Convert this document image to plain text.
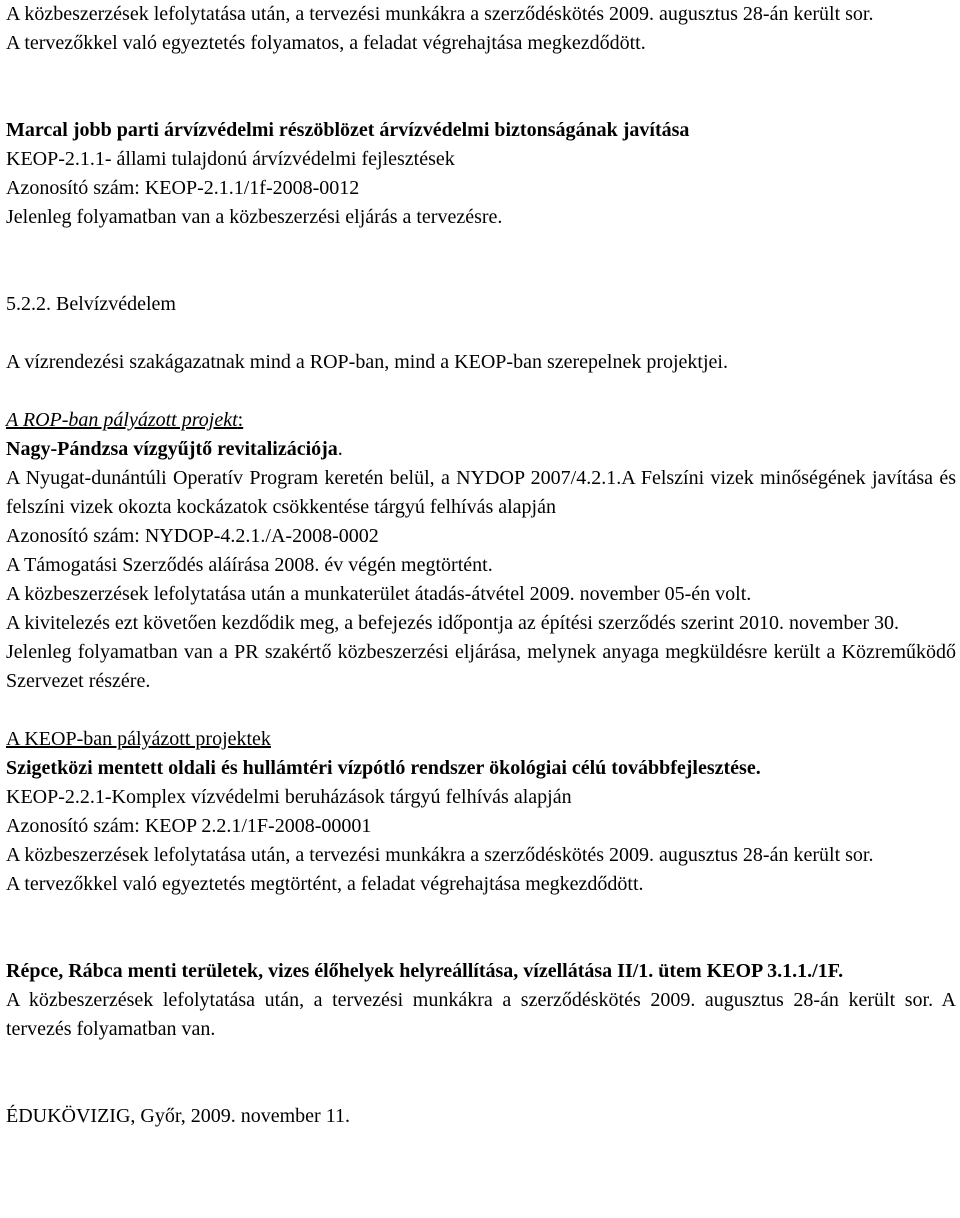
A közbeszerzések lefolytatása után, a tervezési munkákra a szerződéskötés 2009. augusztus 28-án került sor.

A tervezőkkel való egyeztetés folyamatos, a feladat végrehajtása megkezdődött.

Marcal jobb parti árvízvédelmi részöblözet árvízvédelmi biztonságának javítása

KEOP-2.1.1- állami tulajdonú árvízvédelmi fejlesztések

Azonosító szám: KEOP-2.1.1/1f-2008-0012

Jelenleg folyamatban van a közbeszerzési eljárás a tervezésre.

5.2.2. Belvízvédelem

A vízrendezési szakágazatnak mind a ROP-ban, mind a KEOP-ban szerepelnek projektjei.

A ROP-ban pályázott projekt:

Nagy-Pándzsa vízgyűjtő revitalizációja.

A Nyugat-dunántúli Operatív Program keretén belül, a NYDOP 2007/4.2.1.A Felszíni vizek minőségének javítása és felszíni vizek okozta kockázatok csökkentése tárgyú felhívás alapján

Azonosító szám: NYDOP-4.2.1./A-2008-0002

A Támogatási Szerződés aláírása 2008. év végén megtörtént.

A közbeszerzések lefolytatása után a munkaterület átadás-átvétel 2009. november 05-én volt.

A kivitelezés ezt követően kezdődik meg, a befejezés időpontja az építési szerződés szerint 2010. november 30.

Jelenleg folyamatban van a PR szakértő közbeszerzési eljárása, melynek anyaga megküldésre került a Közreműködő Szervezet részére.

A KEOP-ban pályázott projektek

Szigetközi mentett oldali és hullámtéri vízpótló rendszer ökológiai célú továbbfejlesztése.

KEOP-2.2.1-Komplex vízvédelmi beruházások tárgyú felhívás alapján

Azonosító szám: KEOP 2.2.1/1F-2008-00001

A közbeszerzések lefolytatása után, a tervezési munkákra a szerződéskötés 2009. augusztus 28-án került sor.

A tervezőkkel való egyeztetés megtörtént, a feladat végrehajtása megkezdődött.

Répce, Rábca menti területek, vizes élőhelyek helyreállítása, vízellátása II/1. ütem KEOP 3.1.1./1F.

A közbeszerzések lefolytatása után, a tervezési munkákra a szerződéskötés 2009. augusztus 28-án került sor. A tervezés folyamatban van.

ÉDUKÖVIZIG, Győr, 2009. november 11.
